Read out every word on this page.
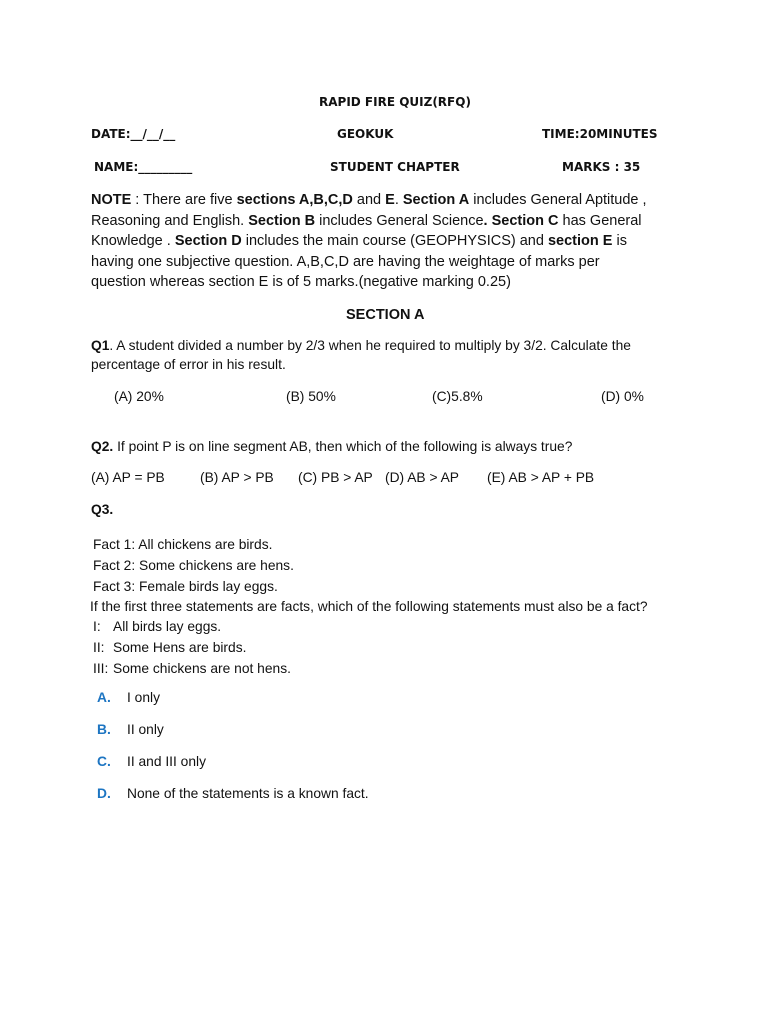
RAPID FIRE QUIZ(RFQ)
DATE:__/__/__	GEOKUK	TIME:20MINUTES
NAME:_________	STUDENT CHAPTER	MARKS : 35
NOTE : There are five sections A,B,C,D and E. Section A includes General Aptitude ,
Reasoning and English. Section B includes General Science. Section C has General
Knowledge . Section D includes the main course (GEOPHYSICS) and section E is
having one subjective question. A,B,C,D are having the weightage of marks per
question whereas section E is of 5 marks.(negative marking 0.25)
SECTION A
Q1. A student divided a number by 2/3 when he required to multiply by 3/2. Calculate the
percentage of error in his result.
(A) 20%	(B) 50%	(C)5.8%	(D) 0%
Q2. If point P is on line segment AB, then which of the following is always true?
(A) AP = PB	(B) AP > PB (C) PB > AP (D) AB > AP (E) AB > AP + PB
Q3.
Fact 1: All chickens are birds.
Fact 2: Some chickens are hens.
Fact 3: Female birds lay eggs.
If the first three statements are facts, which of the following statements must also be a fact?
I: All birds lay eggs.
II: Some Hens are birds.
III: Some chickens are not hens.
A. I only
B. II only
C. II and III only
D. None of the statements is a known fact.
